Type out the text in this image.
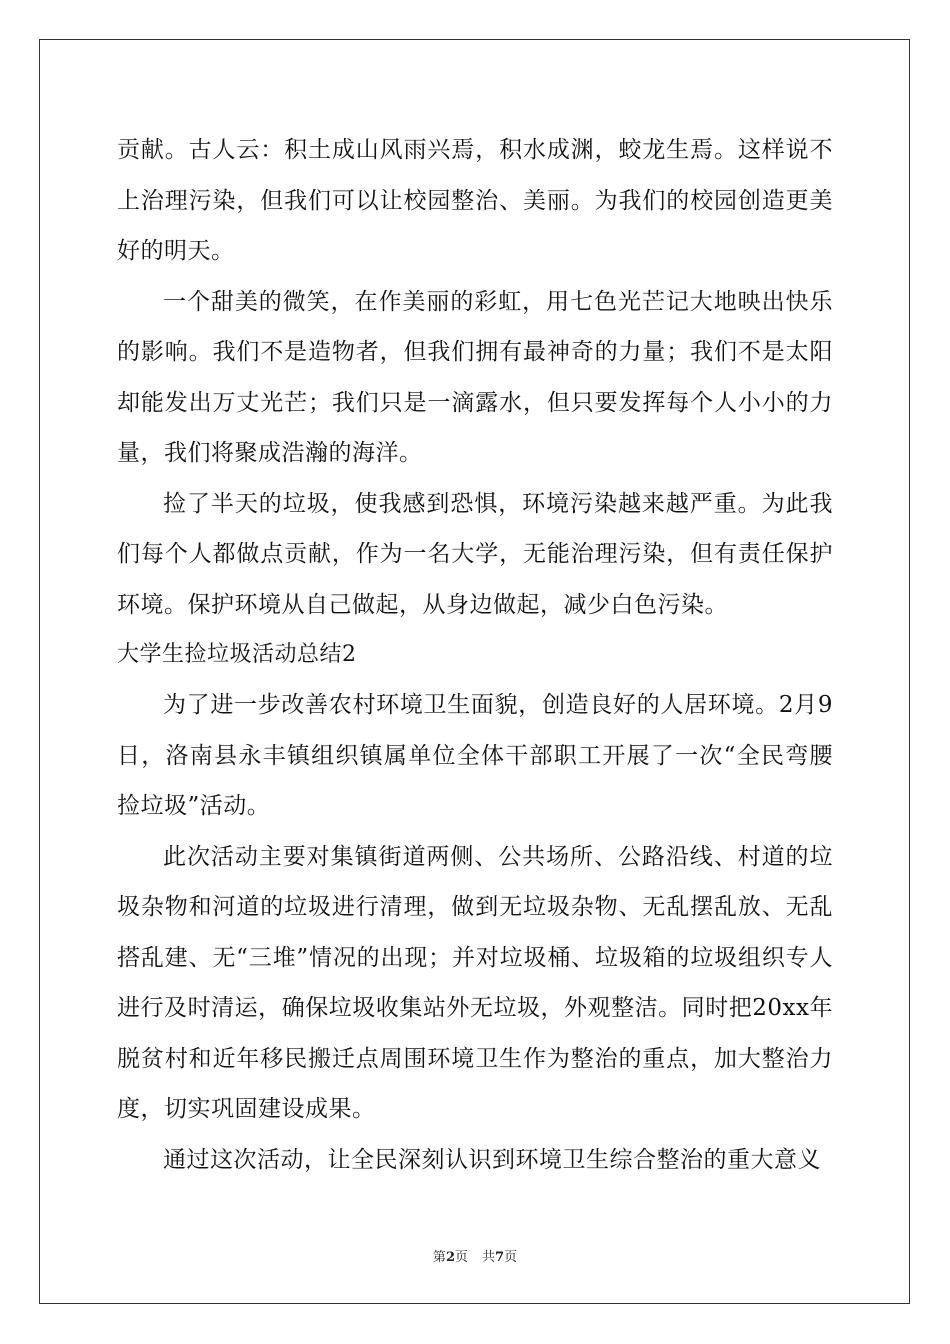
贡献。古人云：积土成山风雨兴焉，积水成渊，蛟龙生焉。这样说不上治理污染，但我们可以让校园整治、美丽。为我们的校园创造更美好的明天。

一个甜美的微笑，在作美丽的彩虹，用七色光芒记大地映出快乐的影响。我们不是造物者，但我们拥有最神奇的力量；我们不是太阳却能发出万丈光芒；我们只是一滴露水，但只要发挥每个人小小的力量，我们将聚成浩瀚的海洋。

捡了半天的垃圾，使我感到恐惧，环境污染越来越严重。为此我们每个人都做点贡献，作为一名大学，无能治理污染，但有责任保护环境。保护环境从自己做起，从身边做起，减少白色污染。

大学生捡垃圾活动总结2

为了进一步改善农村环境卫生面貌，创造良好的人居环境。2月9日，洛南县永丰镇组织镇属单位全体干部职工开展了一次“全民弯腰捡垃圾”活动。

此次活动主要对集镇街道两侧、公共场所、公路沿线、村道的垃圾杂物和河道的垃圾进行清理，做到无垃圾杂物、无乱摆乱放、无乱搭乱建、无“三堆”情况的出现；并对垃圾桶、垃圾箱的垃圾组织专人进行及时清运，确保垃圾收集站外无垃圾，外观整洁。同时把20xx年脱贫村和近年移民搬迁点周围环境卫生作为整治的重点，加大整治力度，切实巩固建设成果。

通过这次活动，让全民深刻认识到环境卫生综合整治的重大意义

第2页 共7页
